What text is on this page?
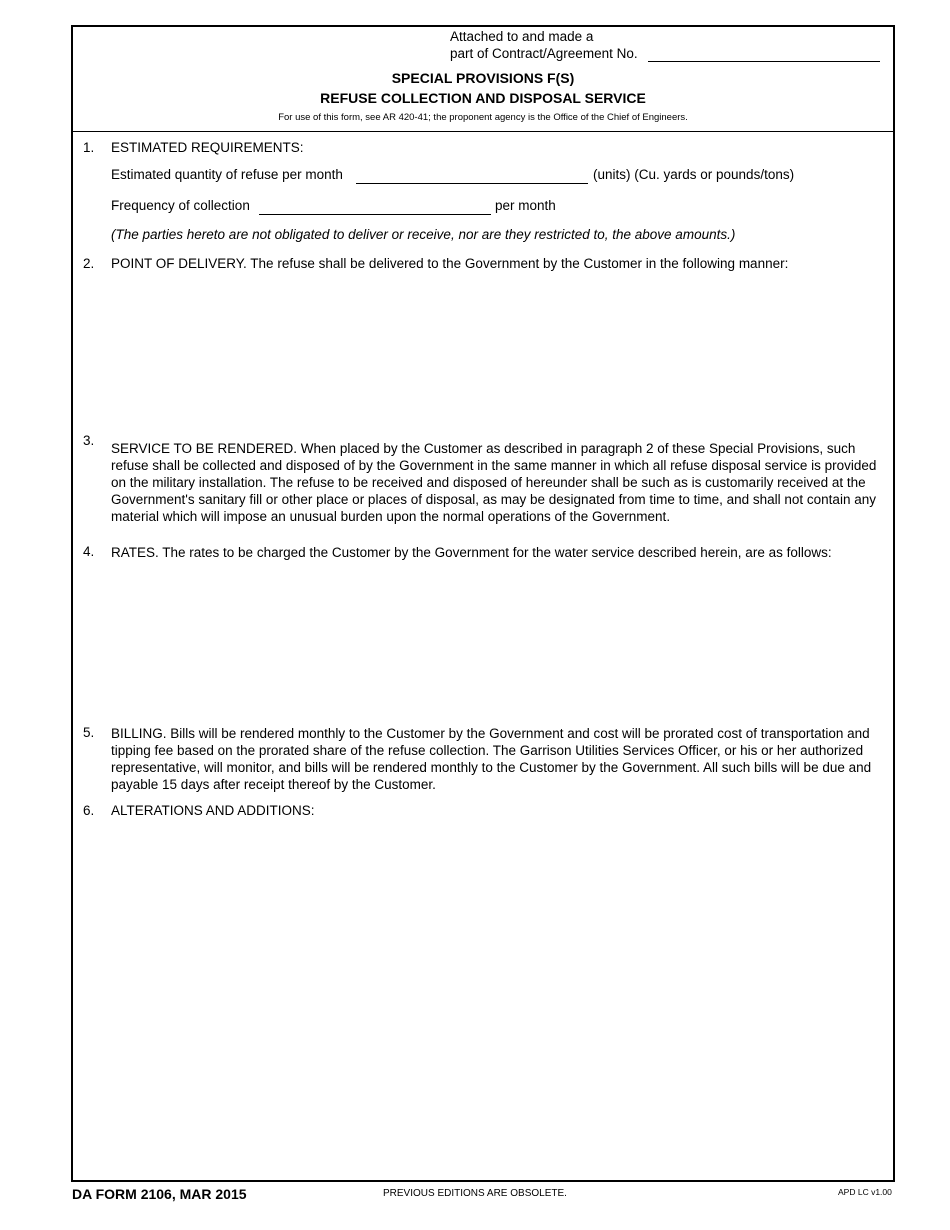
Attached to and made a
part of Contract/Agreement No.
SPECIAL PROVISIONS F(S)
REFUSE COLLECTION AND DISPOSAL SERVICE
For use of this form, see AR 420-41; the proponent agency is the Office of the Chief of Engineers.
1. ESTIMATED REQUIREMENTS:
Estimated quantity of refuse per month	(units) (Cu. yards or pounds/tons)
Frequency of collection	per month
(The parties hereto are not obligated to deliver or receive, nor are they restricted to, the above amounts.)
2. POINT OF DELIVERY. The refuse shall be delivered to the Government by the Customer in the following manner:
3.
SERVICE TO BE RENDERED. When placed by the Customer as described in paragraph 2 of these Special Provisions, such refuse shall be collected and disposed of by the Government in the same manner in which all refuse disposal service is provided on the military installation. The refuse to be received and disposed of hereunder shall be such as is customarily received at the Government's sanitary fill or other place or places of disposal, as may be designated from time to time, and shall not contain any material which will impose an unusual burden upon the normal operations of the Government.
4. RATES. The rates to be charged the Customer by the Government for the water service described herein, are as follows:
5. BILLING. Bills will be rendered monthly to the Customer by the Government and cost will be prorated cost of transportation and tipping fee based on the prorated share of the refuse collection. The Garrison Utilities Services Officer, or his or her authorized representative, will monitor, and bills will be rendered monthly to the Customer by the Government. All such bills will be due and payable 15 days after receipt thereof by the Customer.
6. ALTERATIONS AND ADDITIONS:
DA FORM 2106, MAR 2015	PREVIOUS EDITIONS ARE OBSOLETE.	APD LC v1.00
